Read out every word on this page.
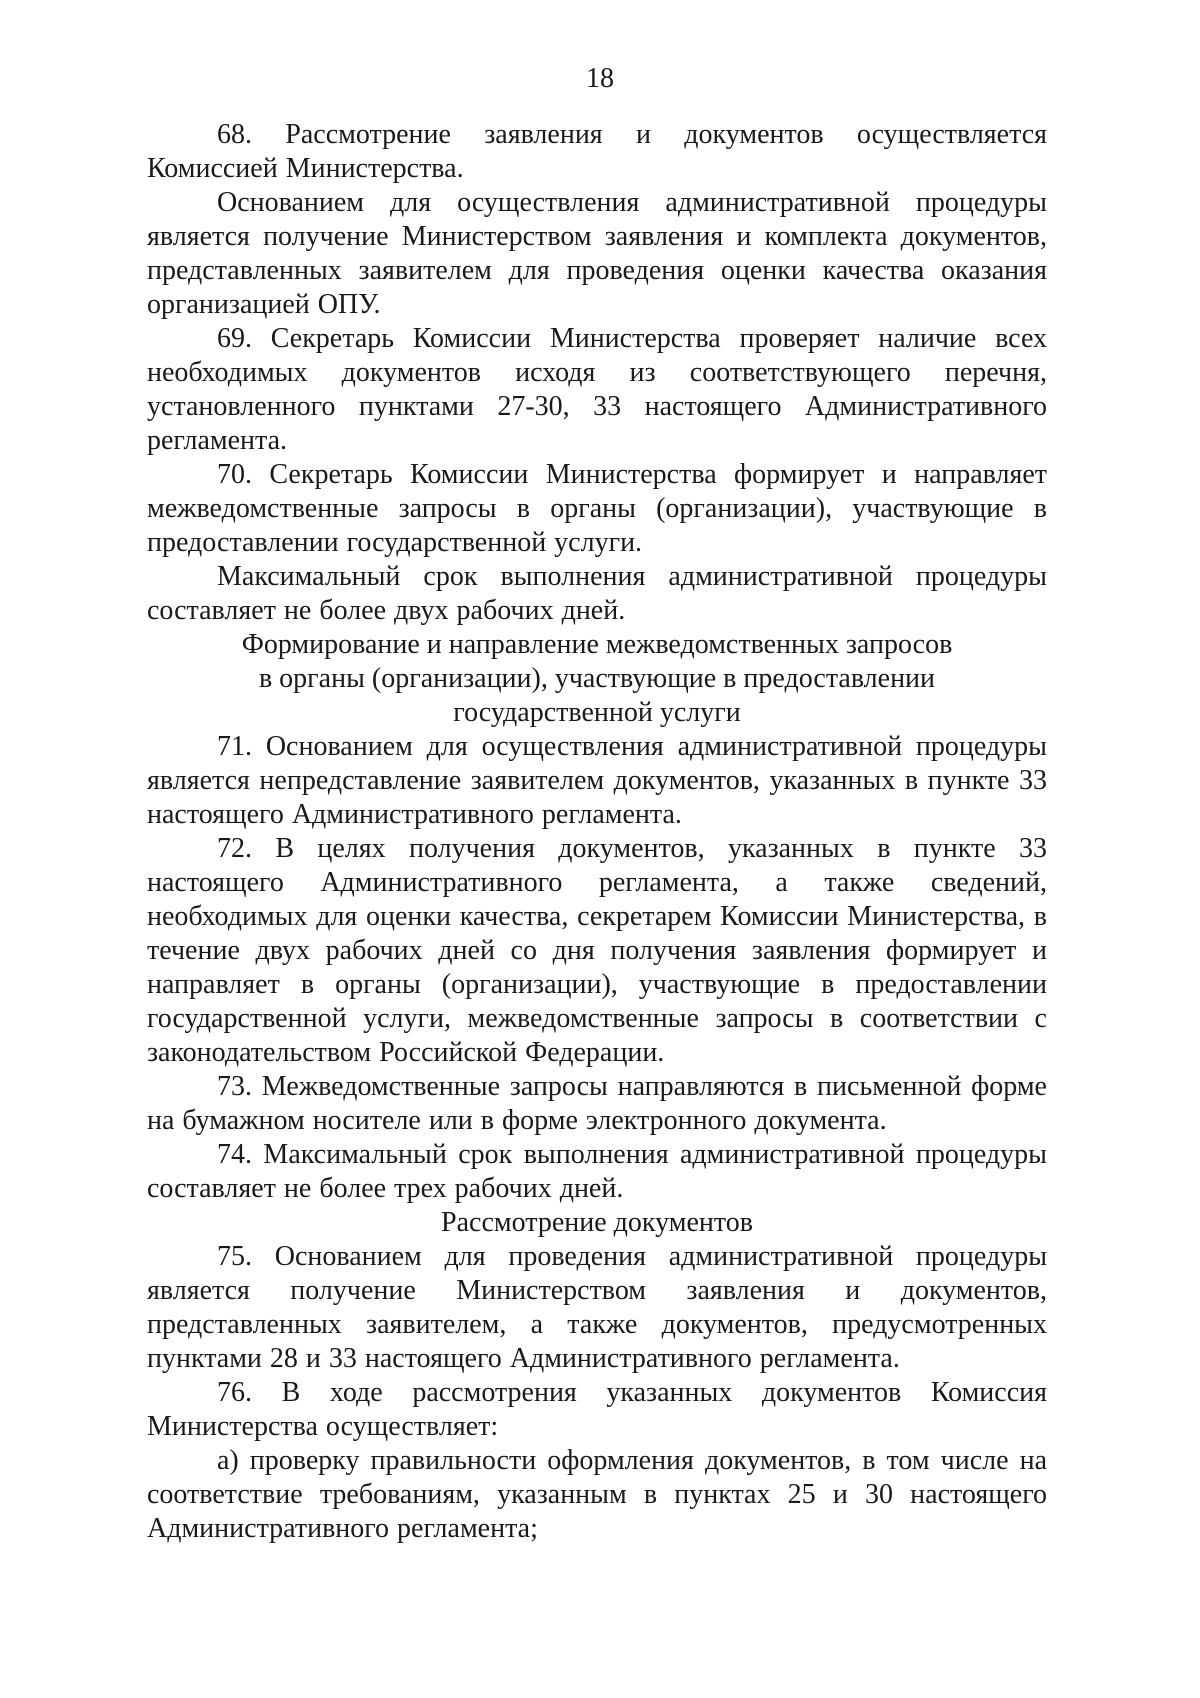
18

68. Рассмотрение заявления и документов осуществляется Комиссией Министерства.

Основанием для осуществления административной процедуры является получение Министерством заявления и комплекта документов, представленных заявителем для проведения оценки качества оказания организацией ОПУ.

69. Секретарь Комиссии Министерства проверяет наличие всех необходимых документов исходя из соответствующего перечня, установленного пунктами 27-30, 33 настоящего Административного регламента.

70. Секретарь Комиссии Министерства формирует и направляет межведомственные запросы в органы (организации), участвующие в предоставлении государственной услуги.

Максимальный срок выполнения административной процедуры составляет не более двух рабочих дней.

Формирование и направление межведомственных запросов
в органы (организации), участвующие в предоставлении
государственной услуги

71. Основанием для осуществления административной процедуры является непредставление заявителем документов, указанных в пункте 33 настоящего Административного регламента.

72. В целях получения документов, указанных в пункте 33 настоящего Административного регламента, а также сведений, необходимых для оценки качества, секретарем Комиссии Министерства, в течение двух рабочих дней со дня получения заявления формирует и направляет в органы (организации), участвующие в предоставлении государственной услуги, межведомственные запросы в соответствии с законодательством Российской Федерации.

73. Межведомственные запросы направляются в письменной форме на бумажном носителе или в форме электронного документа.

74. Максимальный срок выполнения административной процедуры составляет не более трех рабочих дней.

Рассмотрение документов

75. Основанием для проведения административной процедуры является получение Министерством заявления и документов, представленных заявителем, а также документов, предусмотренных пунктами 28 и 33 настоящего Административного регламента.

76. В ходе рассмотрения указанных документов Комиссия Министерства осуществляет:

а) проверку правильности оформления документов, в том числе на соответствие требованиям, указанным в пунктах 25 и 30 настоящего Административного регламента;
